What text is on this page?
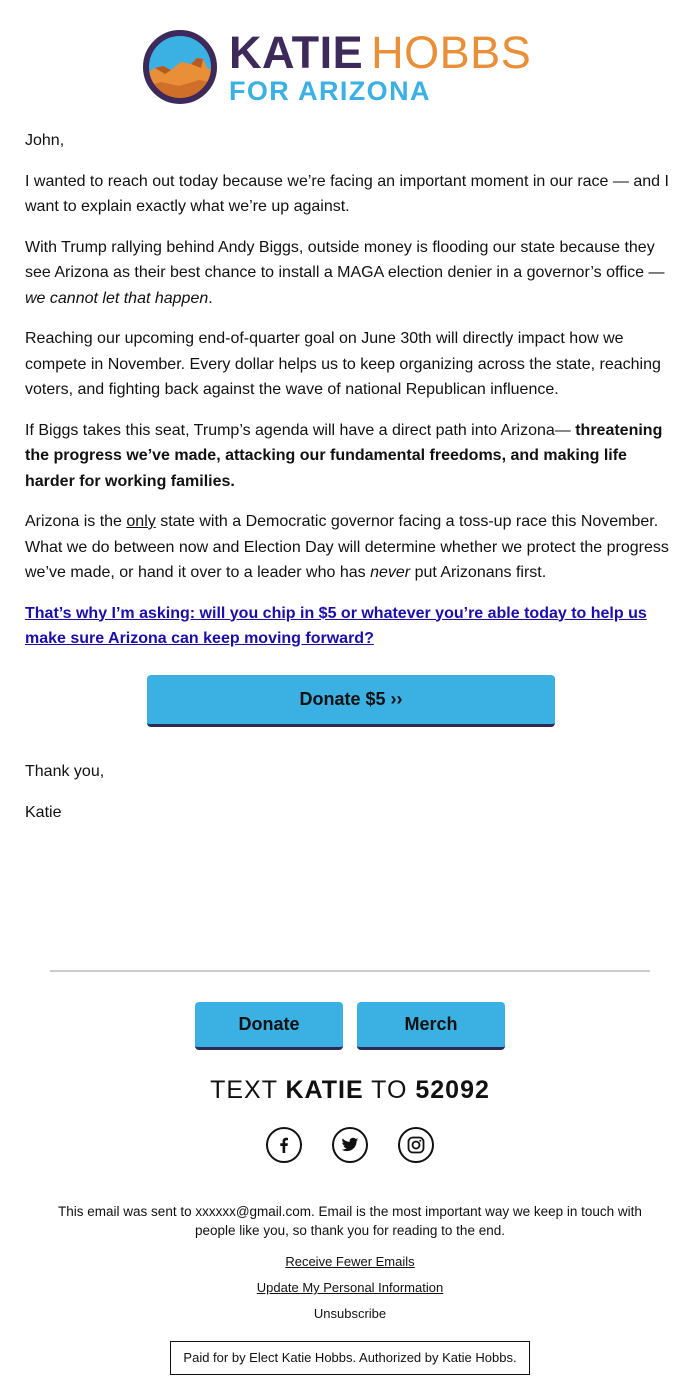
KATIE HOBBS
FOR ARIZONA

John,

I wanted to reach out today because we’re facing an important moment in our race — and I want to explain exactly what we’re up against.

With Trump rallying behind Andy Biggs, outside money is flooding our state because they see Arizona as their best chance to install a MAGA election denier in a governor’s office — we cannot let that happen.

Reaching our upcoming end-of-quarter goal on June 30th will directly impact how we compete in November. Every dollar helps us to keep organizing across the state, reaching voters, and fighting back against the wave of national Republican influence.

If Biggs takes this seat, Trump’s agenda will have a direct path into Arizona— threatening the progress we’ve made, attacking our fundamental freedoms, and making life harder for working families.

Arizona is the only state with a Democratic governor facing a toss-up race this November. What we do between now and Election Day will determine whether we protect the progress we’ve made, or hand it over to a leader who has never put Arizonans first.

That’s why I’m asking: will you chip in $5 or whatever you’re able today to help us make sure Arizona can keep moving forward?

Donate $5 ››

Thank you,

Katie

Donate	Merch
TEXT KATIE TO 52092

This email was sent to xxxxxx@gmail.com. Email is the most important way we keep in touch with people like you, so thank you for reading to the end.
Receive Fewer Emails
Update My Personal Information
Unsubscribe
Paid for by Elect Katie Hobbs. Authorized by Katie Hobbs.
